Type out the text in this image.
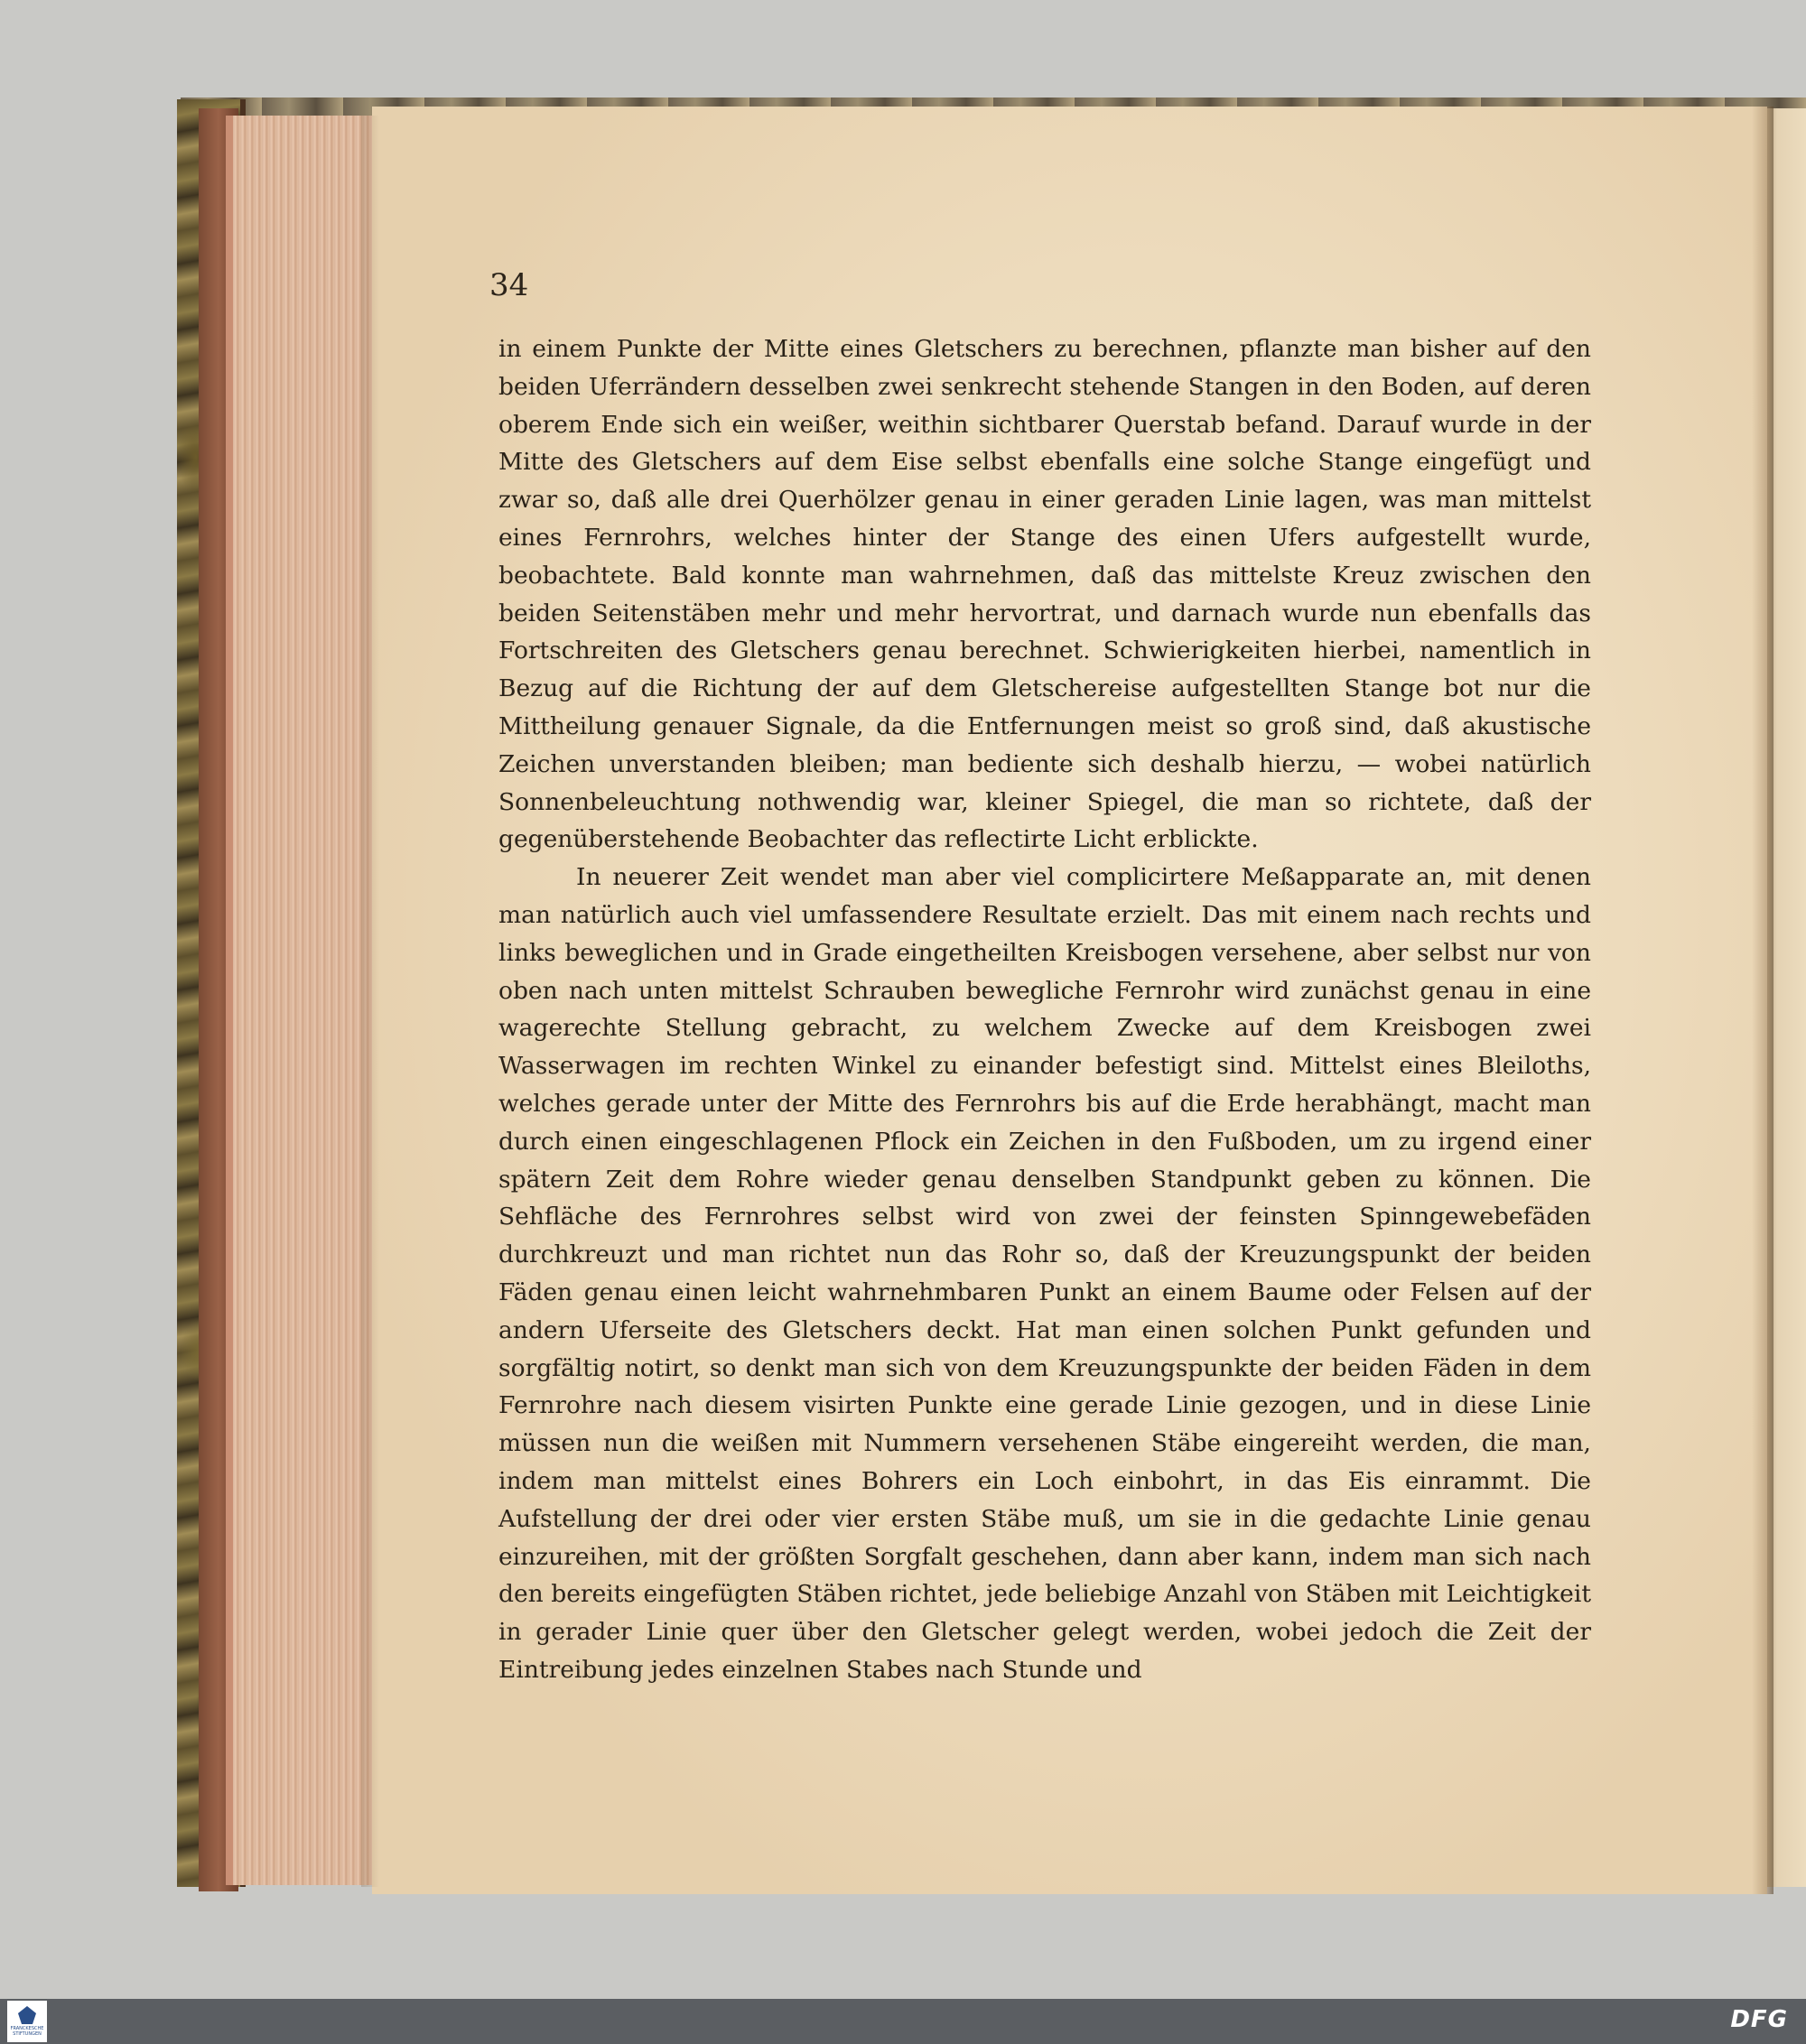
34

in einem Punkte der Mitte eines Gletschers zu berechnen, pflanzte man bisher auf den beiden Uferrändern desselben zwei senkrecht stehende Stangen in den Boden, auf deren oberem Ende sich ein weißer, weithin sichtbarer Querstab befand. Darauf wurde in der Mitte des Gletschers auf dem Eise selbst ebenfalls eine solche Stange eingefügt und zwar so, daß alle drei Querhölzer genau in einer geraden Linie lagen, was man mittelst eines Fernrohrs, welches hinter der Stange des einen Ufers aufgestellt wurde, beobachtete. Bald konnte man wahrnehmen, daß das mittelste Kreuz zwischen den beiden Seitenstäben mehr und mehr hervortrat, und darnach wurde nun ebenfalls das Fortschreiten des Gletschers genau berechnet. Schwierigkeiten hierbei, namentlich in Bezug auf die Richtung der auf dem Gletschereise aufgestellten Stange bot nur die Mittheilung genauer Signale, da die Entfernungen meist so groß sind, daß akustische Zeichen unverstanden bleiben; man bediente sich deshalb hierzu, — wobei natürlich Sonnenbeleuchtung nothwendig war, kleiner Spiegel, die man so richtete, daß der gegenüberstehende Beobachter das reflectirte Licht erblickte.

In neuerer Zeit wendet man aber viel complicirtere Meßapparate an, mit denen man natürlich auch viel umfassendere Resultate erzielt. Das mit einem nach rechts und links beweglichen und in Grade eingetheilten Kreisbogen versehene, aber selbst nur von oben nach unten mittelst Schrauben bewegliche Fernrohr wird zunächst genau in eine wagerechte Stellung gebracht, zu welchem Zwecke auf dem Kreisbogen zwei Wasserwagen im rechten Winkel zu einander befestigt sind. Mittelst eines Bleiloths, welches gerade unter der Mitte des Fernrohrs bis auf die Erde herabhängt, macht man durch einen eingeschlagenen Pflock ein Zeichen in den Fußboden, um zu irgend einer spätern Zeit dem Rohre wieder genau denselben Standpunkt geben zu können. Die Sehfläche des Fernrohres selbst wird von zwei der feinsten Spinngewebefäden durchkreuzt und man richtet nun das Rohr so, daß der Kreuzungspunkt der beiden Fäden genau einen leicht wahrnehmbaren Punkt an einem Baume oder Felsen auf der andern Uferseite des Gletschers deckt. Hat man einen solchen Punkt gefunden und sorgfältig notirt, so denkt man sich von dem Kreuzungspunkte der beiden Fäden in dem Fernrohre nach diesem visirten Punkte eine gerade Linie gezogen, und in diese Linie müssen nun die weißen mit Nummern versehenen Stäbe eingereiht werden, die man, indem man mittelst eines Bohrers ein Loch einbohrt, in das Eis einrammt. Die Aufstellung der drei oder vier ersten Stäbe muß, um sie in die gedachte Linie genau einzureihen, mit der größten Sorgfalt geschehen, dann aber kann, indem man sich nach den bereits eingefügten Stäben richtet, jede beliebige Anzahl von Stäben mit Leichtigkeit in gerader Linie quer über den Gletscher gelegt werden, wobei jedoch die Zeit der Eintreibung jedes einzelnen Stabes nach Stunde und

FRANCKESCHE STIFTUNGEN
DFG
